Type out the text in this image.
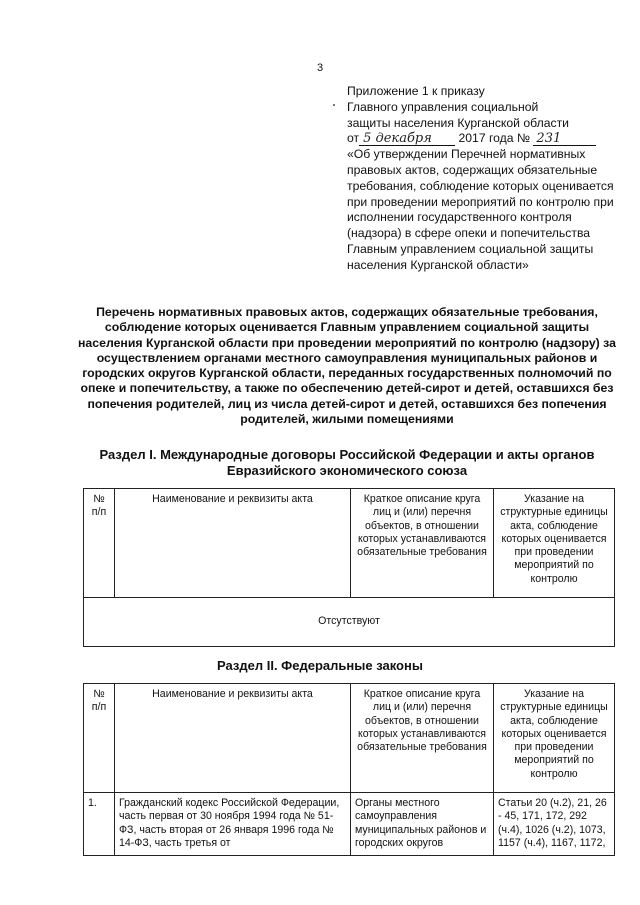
3
Приложение 1 к приказу
Главного управления социальной
защиты населения Курганской области
от 5 декабря 2017 года № 231
«Об утверждении Перечней нормативных правовых актов, содержащих обязательные требования, соблюдение которых оценивается при проведении мероприятий по контролю при исполнении государственного контроля (надзора) в сфере опеки и попечительства Главным управлением социальной защиты населения Курганской области»

Перечень нормативных правовых актов, содержащих обязательные требования, соблюдение которых оценивается Главным управлением социальной защиты населения Курганской области при проведении мероприятий по контролю (надзору) за осуществлением органами местного самоуправления муниципальных районов и городских округов Курганской области, переданных государственных полномочий по опеке и попечительству, а также по обеспечению детей-сирот и детей, оставшихся без попечения родителей, лиц из числа детей-сирот и детей, оставшихся без попечения родителей, жилыми помещениями

Раздел I. Международные договоры Российской Федерации и акты органов Евразийского экономического союза

№ п/п	Наименование и реквизиты акта	Краткое описание круга лиц и (или) перечня объектов, в отношении которых устанавливаются обязательные требования	Указание на структурные единицы акта, соблюдение которых оценивается при проведении мероприятий по контролю
Отсутствуют

Раздел II. Федеральные законы

№ п/п	Наименование и реквизиты акта	Краткое описание круга лиц и (или) перечня объектов, в отношении которых устанавливаются обязательные требования	Указание на структурные единицы акта, соблюдение которых оценивается при проведении мероприятий по контролю
1.	Гражданский кодекс Российской Федерации, часть первая от 30 ноября 1994 года № 51-ФЗ, часть вторая от 26 января 1996 года № 14-ФЗ, часть третья от	Органы местного самоуправления муниципальных районов и городских округов	Статьи 20 (ч.2), 21, 26 - 45, 171, 172, 292 (ч.4), 1026 (ч.2), 1073, 1157 (ч.4), 1167, 1172,
